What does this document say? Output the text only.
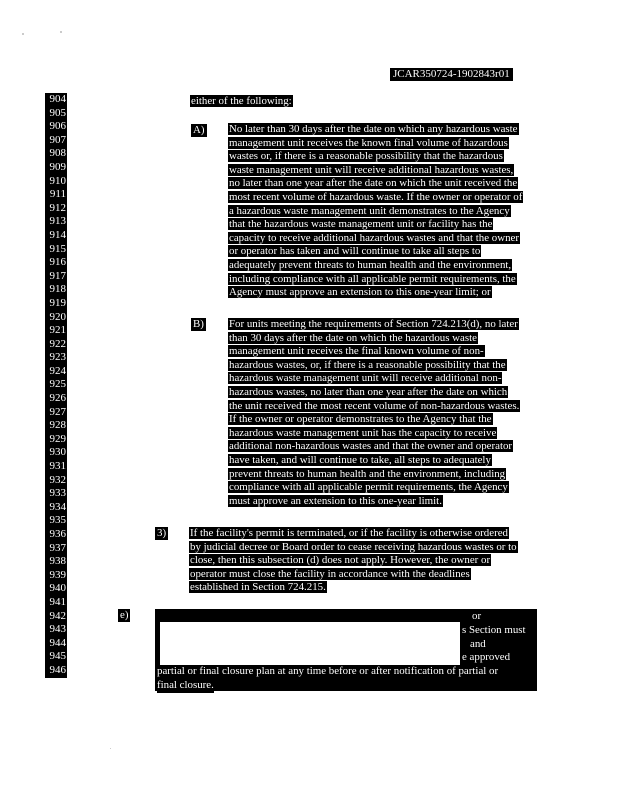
JCAR350724-1902843r01
904
905
906
907
908
909
910
911
912
913
914
915
916
917
918
919
920
921
922
923
924
925
926
927
928
929
930
931
932
933
934
935
936
937
938
939
940
941
942
943
944
945
946
either of the following:
A) No later than 30 days after the date on which any hazardous waste
management unit receives the known final volume of hazardous
wastes or, if there is a reasonable possibility that the hazardous
waste management unit will receive additional hazardous wastes,
no later than one year after the date on which the unit received the
most recent volume of hazardous waste. If the owner or operator of
a hazardous waste management unit demonstrates to the Agency
that the hazardous waste management unit or facility has the
capacity to receive additional hazardous wastes and that the owner
or operator has taken and will continue to take all steps to
adequately prevent threats to human health and the environment,
including compliance with all applicable permit requirements, the
Agency must approve an extension to this one-year limit; or
B) For units meeting the requirements of Section 724.213(d), no later
than 30 days after the date on which the hazardous waste
management unit receives the final known volume of non-
hazardous wastes, or, if there is a reasonable possibility that the
hazardous waste management unit will receive additional non-
hazardous wastes, no later than one year after the date on which
the unit received the most recent volume of non-hazardous wastes.
If the owner or operator demonstrates to the Agency that the
hazardous waste management unit has the capacity to receive
additional non-hazardous wastes and that the owner and operator
have taken, and will continue to take, all steps to adequately
prevent threats to human health and the environment, including
compliance with all applicable permit requirements, the Agency
must approve an extension to this one-year limit.
3) If the facility's permit is terminated, or if the facility is otherwise ordered
by judicial decree or Board order to cease receiving hazardous wastes or to
close, then this subsection (d) does not apply. However, the owner or
operator must close the facility in accordance with the deadlines
established in Section 724.215.
e)	or
s Section must
and
e approved
partial or final closure plan at any time before or after notification of partial or
final closure.
